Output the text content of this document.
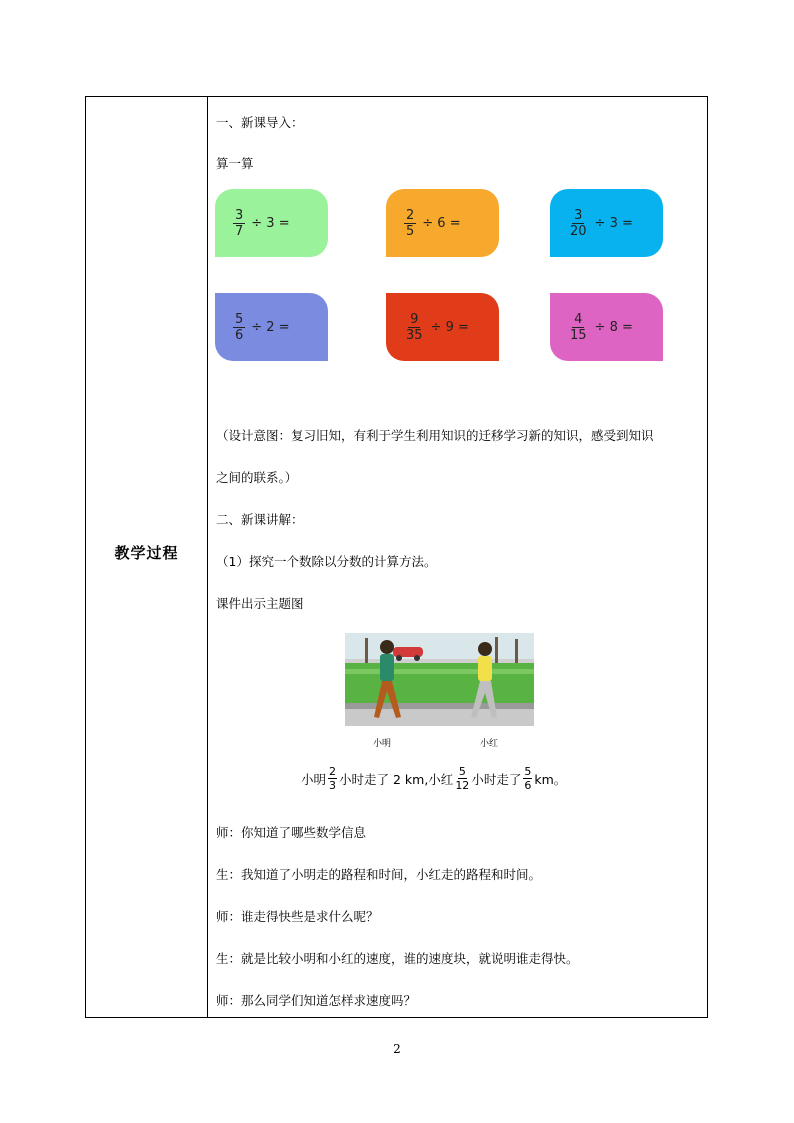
教学过程
一、新课导入：
算一算
$\frac{3}{7} \div 3$ =	$\frac{2}{5} \div 6$ =	$\frac{3}{20} \div 3$ =
$\frac{5}{6} \div 2$ =	$\frac{9}{35} \div 9$ =	$\frac{4}{15} \div 8$ =
（设计意图：复习旧知，有利于学生利用知识的迁移学习新的知识，感受到知识
之间的联系。）
二、新课讲解：
（1）探究一个数除以分数的计算方法。
课件出示主题图
小明	小红
小明 $\frac{2}{3}$ 小时走了 2 km,小红 $\frac{5}{12}$ 小时走了 $\frac{5}{6}$ km。
师：你知道了哪些数学信息
生：我知道了小明走的路程和时间，小红走的路程和时间。
师：谁走得快些是求什么呢？
生：就是比较小明和小红的速度，谁的速度块，就说明谁走得快。
师：那么同学们知道怎样求速度吗？
2
